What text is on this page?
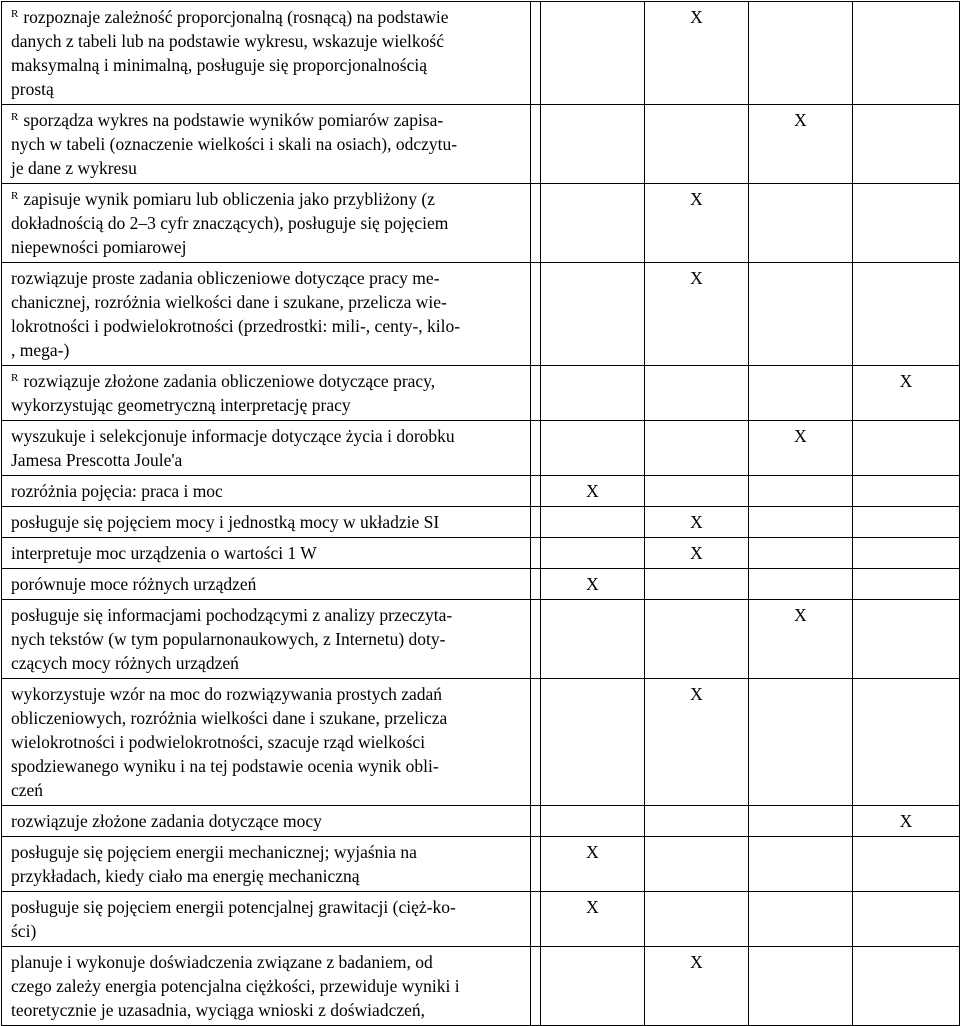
$^R$ rozpoznaje zależność proporcjonalną (rosnącą) na podstawie
danych z tabeli lub na podstawie wykresu, wskazuje wielkość
maksymalną i minimalną, posługuje się proporcjonalnością
prostą			X		

$^R$ sporządza wykres na podstawie wyników pomiarów zapisa-
nych w tabeli (oznaczenie wielkości i skali na osiach), odczytu-
je dane z wykresu				X	

$^R$ zapisuje wynik pomiaru lub obliczenia jako przybliżony (z
dokładnością do 2–3 cyfr znaczących), posługuje się pojęciem
niepewności pomiarowej			X		

rozwiązuje proste zadania obliczeniowe dotyczące pracy me-
chanicznej, rozróżnia wielkości dane i szukane, przelicza wie-
lokrotności i podwielokrotności (przedrostki: mili-, centy-, kilo-
, mega-)			X		

$^R$ rozwiązuje złożone zadania obliczeniowe dotyczące pracy,
wykorzystując geometryczną interpretację pracy					X

wyszukuje i selekcjonuje informacje dotyczące życia i dorobku
Jamesa Prescotta Joule'a				X	

rozróżnia pojęcia: praca i moc		X			

posługuje się pojęciem mocy i jednostką mocy w układzie SI			X		

interpretuje moc urządzenia o wartości 1 W			X		

porównuje moce różnych urządzeń		X			

posługuje się informacjami pochodzącymi z analizy przeczyta-
nych tekstów (w tym popularnonaukowych, z Internetu) doty-
czących mocy różnych urządzeń				X	

wykorzystuje wzór na moc do rozwiązywania prostych zadań
obliczeniowych, rozróżnia wielkości dane i szukane, przelicza
wielokrotności i podwielokrotności, szacuje rząd wielkości
spodziewanego wyniku i na tej podstawie ocenia wynik obli-
czeń			X		

rozwiązuje złożone zadania dotyczące mocy					X

posługuje się pojęciem energii mechanicznej; wyjaśnia na
przykładach, kiedy ciało ma energię mechaniczną		X			

posługuje się pojęciem energii potencjalnej grawitacji (cięż-ko-
ści)		X			

planuje i wykonuje doświadczenia związane z badaniem, od
czego zależy energia potencjalna ciężkości, przewiduje wyniki i
teoretycznie je uzasadnia, wyciąga wnioski z doświadczeń,			X		
